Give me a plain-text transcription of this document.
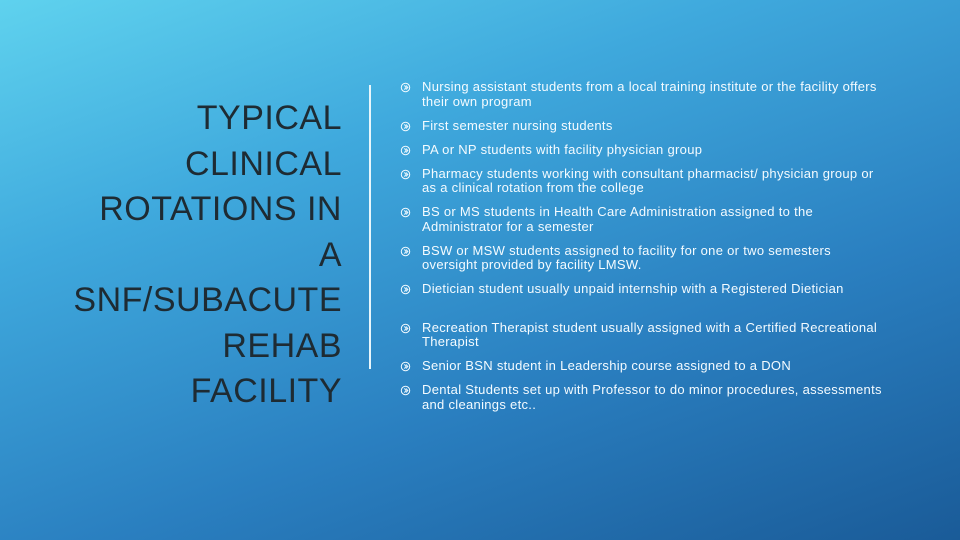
TYPICAL
CLINICAL
ROTATIONS IN
A
SNF/SUBACUTE
REHAB
FACILITY
Nursing assistant students from a local training institute or the facility offers their own program
First semester nursing students
PA or NP students with facility physician group
Pharmacy students working with consultant pharmacist/ physician group or as a clinical rotation from the college
BS or MS students in Health Care Administration assigned to the Administrator for a semester
BSW or MSW students assigned to facility for one or two semesters oversight provided by facility LMSW.
Dietician student usually unpaid internship with a Registered Dietician
Recreation Therapist student usually assigned with a Certified Recreational Therapist
Senior BSN student in Leadership course assigned to a DON
Dental Students set up with Professor to do minor procedures, assessments and cleanings etc..
